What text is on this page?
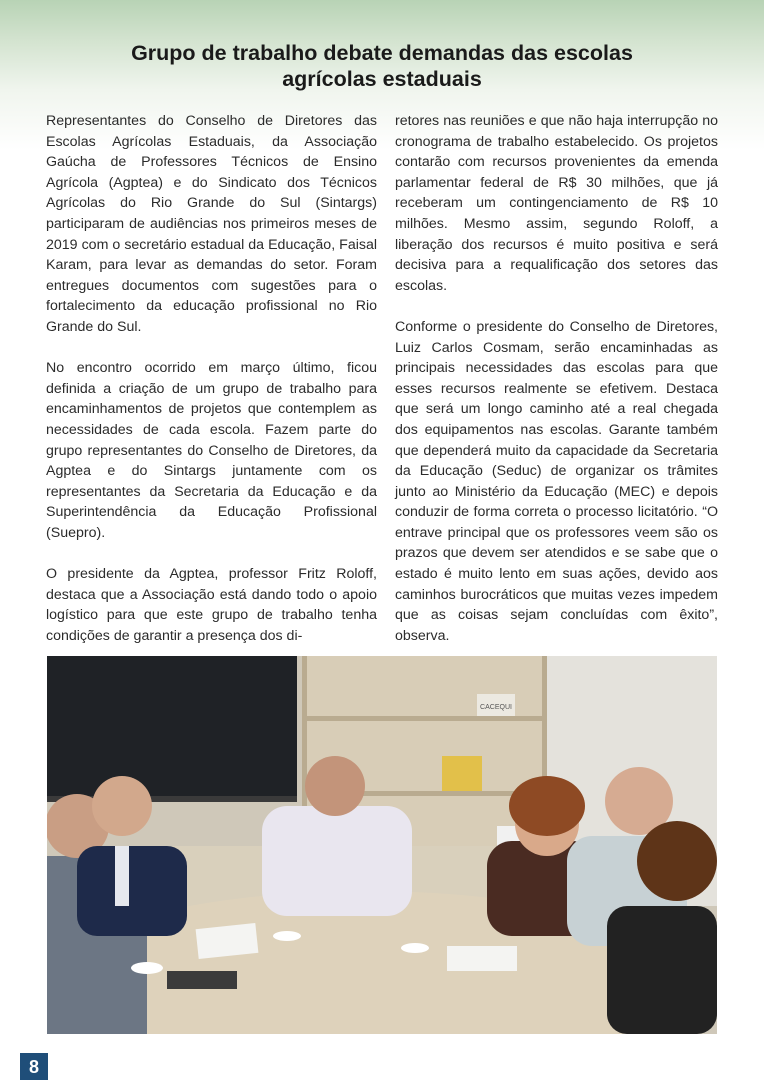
Grupo de trabalho debate demandas das escolas
agrícolas estaduais

Representantes do Conselho de Diretores das Escolas Agrícolas Estaduais, da Associação Gaúcha de Professores Técnicos de Ensino Agrícola (Agptea) e do Sindicato dos Técnicos Agrícolas do Rio Grande do Sul (Sintargs) participaram de audiências nos primeiros meses de 2019 com o secretário estadual da Educação, Faisal Karam, para levar as demandas do setor. Foram entregues documentos com sugestões para o fortalecimento da educação profissional no Rio Grande do Sul.

No encontro ocorrido em março último, ficou definida a criação de um grupo de trabalho para encaminhamentos de projetos que contemplem as necessidades de cada escola. Fazem parte do grupo representantes do Conselho de Diretores, da Agptea e do Sintargs juntamente com os representantes da Secretaria da Educação e da Superintendência da Educação Profissional (Suepro).

O presidente da Agptea, professor Fritz Roloff, destaca que a Associação está dando todo o apoio logístico para que este grupo de trabalho tenha condições de garantir a presença dos di-

retores nas reuniões e que não haja interrupção no cronograma de trabalho estabelecido. Os projetos contarão com recursos provenientes da emenda parlamentar federal de R$ 30 milhões, que já receberam um contingenciamento de R$ 10 milhões. Mesmo assim, segundo Roloff, a liberação dos recursos é muito positiva e será decisiva para a requalificação dos setores das escolas.

Conforme o presidente do Conselho de Diretores, Luiz Carlos Cosmam, serão encaminhadas as principais necessidades das escolas para que esses recursos realmente se efetivem. Destaca que será um longo caminho até a real chegada dos equipamentos nas escolas. Garante também que dependerá muito da capacidade da Secretaria da Educação (Seduc) de organizar os trâmites junto ao Ministério da Educação (MEC) e depois conduzir de forma correta o processo licitatório. “O entrave principal que os professores veem são os prazos que devem ser atendidos e se sabe que o estado é muito lento em suas ações, devido aos caminhos burocráticos que muitas vezes impedem que as coisas sejam concluídas com êxito”, observa.

CACEQUI
8
